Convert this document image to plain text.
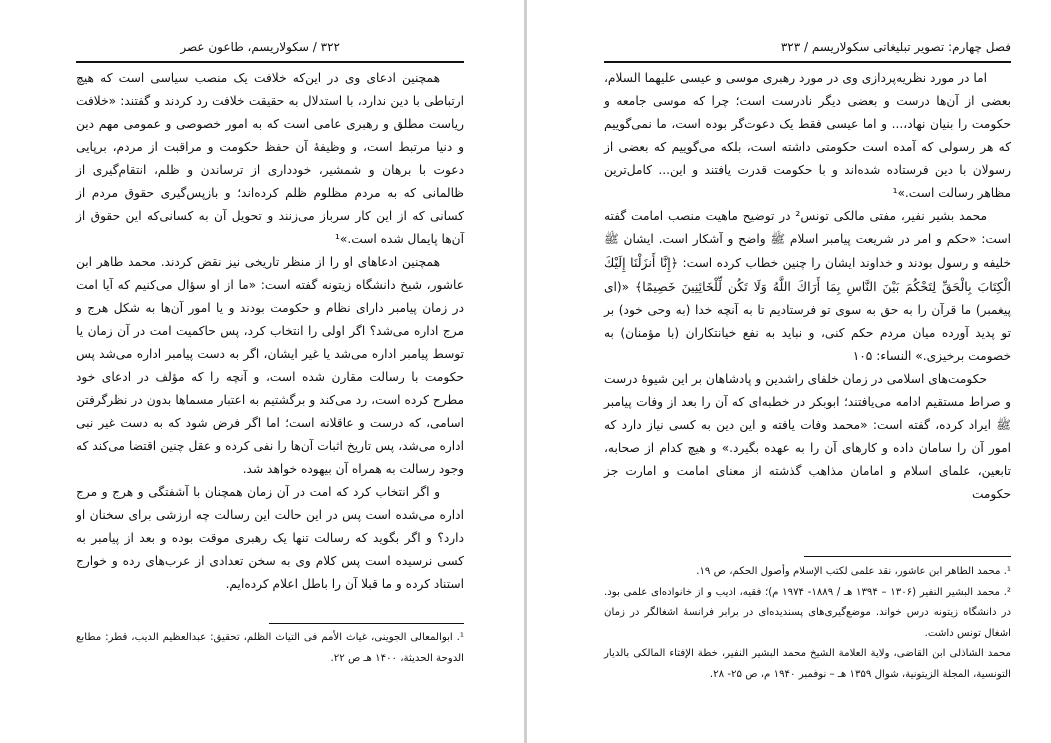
۳۲۲ / سکولاریسم، طاعون عصر

همچنین ادعای وی در این‌که خلافت یک منصب سیاسی است که هیچ ارتباطی با دین ندارد، با استدلال به حقیقت خلافت رد کردند و گفتند: «خلافت ریاست مطلق و رهبری عامی است که به امور خصوصی و عمومی مهم دین و دنیا مرتبط است، و وظیفهٔ آن حفظ حکومت و مراقبت از مردم، برپایی دعوت با برهان و شمشیر، خودداری از ترساندن و ظلم، انتقام‌گیری از ظالمانی که به مردم مظلوم ظلم کرده‌اند؛ و بازپس‌گیری حقوق مردم از کسانی که از این کار سرباز می‌زنند و تحویل آن به کسانی‌که این حقوق از آن‌ها پایمال شده است.»¹

همچنین ادعاهای او را از منظر تاریخی نیز نقض کردند. محمد طاهر ابن عاشور، شیخ دانشگاه زیتونه گفته است: «ما از او سؤال می‌کنیم که آیا امت در زمان پیامبر دارای نظام و حکومت بودند و یا امور آن‌ها به شکل هرج و مرج اداره می‌شد؟ اگر اولی را انتخاب کرد، پس حاکمیت امت در آن زمان یا توسط پیامبر اداره می‌شد یا غیر ایشان، اگر به دست پیامبر اداره می‌شد پس حکومت با رسالت مقارن شده است، و آنچه را که مؤلف در ادعای خود مطرح کرده است، رد می‌کند و برگشتیم به اعتبار مسماها بدون در نظرگرفتن اسامی، که درست و عاقلانه است؛ اما اگر فرض شود که به دست غیر نبی اداره می‌شد، پس تاریخ اثبات آن‌ها را نفی کرده و عقل چنین اقتضا می‌کند که وجود رسالت به همراه آن بیهوده خواهد شد.

و اگر انتخاب کرد که امت در آن زمان همچنان با آشفتگی و هرج و مرج اداره می‌شده است پس در این حالت این رسالت چه ارزشی برای سخنان او دارد؟ و اگر بگوید که رسالت تنها یک رهبری موقت بوده و بعد از پیامبر به کسی نرسیده است پس کلام وی به سخن تعدادی از عرب‌های رده و خوارج استناد کرده و ما قبلا آن را باطل اعلام کرده‌ایم.

¹. ابوالمعالی الجوینی، غیاث الأمم فی التیاث الظلم، تحقیق: عبدالعظیم الدیب، قطر: مطابع الدوحة الحدیثة، ۱۴۰۰ هـ ص ۲۲.

فصل چهارم: تصویر تبلیغاتی سکولاریسم / ۳۲۳

اما در مورد نظریه‌پردازی وی در مورد رهبری موسی و عیسی علیهما السلام، بعضی از آن‌ها درست و بعضی دیگر نادرست است؛ چرا که موسی جامعه و حکومت را بنیان نهاد،... و اما عیسی فقط یک دعوت‌گر بوده است، ما نمی‌گوییم که هر رسولی که آمده است حکومتی داشته است، بلکه می‌گوییم که بعضی از رسولان با دین فرستاده شده‌اند و با حکومت قدرت یافتند و این... کامل‌ترین مظاهر رسالت است.»¹

محمد بشیر نفیر، مفتی مالکی تونس² در توضیح ماهیت منصب امامت گفته است: «حکم و امر در شریعت پیامبر اسلام ﷺ واضح و آشکار است. ایشان ﷺ خلیفه و رسول بودند و خداوند ایشان را چنین خطاب کرده است: ﴿إِنَّا أَنزَلْنَا إِلَيْكَ الْكِتَابَ بِالْحَقِّ لِتَحْكُمَ بَيْنَ النَّاسِ بِمَا أَرَاكَ اللَّهُ وَلَا تَكُن لِّلْخَائِنِينَ خَصِيمًا﴾ «(ای پیغمبر) ما قرآن را به حق به سوی تو فرستادیم تا به آنچه خدا (به وحی خود) بر تو پدید آورده میان مردم حکم کنی، و نباید به نفع خیانتکاران (با مؤمنان) به خصومت برخیزی.» النساء: ۱۰۵

حکومت‌های اسلامی در زمان خلفای راشدین و پادشاهان بر این شیوهٔ درست و صراط مستقیم ادامه می‌یافتند؛ ابوبکر در خطبه‌ای که آن را بعد از وفات پیامبر ﷺ ایراد کرده، گفته است: «محمد وفات یافته و این دین به کسی نیاز دارد که امور آن را سامان داده و کارهای آن را به عهده بگیرد.» و هیچ کدام از صحابه، تابعین، علمای اسلام و امامان مذاهب گذشته از معنای امامت و امارت جز حکومت

¹. محمد الطاهر ابن عاشور، نقد علمی لکتب الإسلام وأصول الحکم، ص ۱۹.

². محمد البشیر النفیر (۱۳۰۶ – ۱۳۹۴ هـ / ۱۸۸۹- ۱۹۷۴ م)؛ فقیه، ادیب و از خانواده‌ای علمی بود. در دانشگاه زیتونه درس خواند. موضع‌گیری‌های پسندیده‌ای در برابر فرانسهٔ اشغالگر در زمان اشغال تونس داشت.

محمد الشاذلی ابن القاضی، ولایة العلامة الشیخ محمد البشیر النفیر، خطة الإفتاء المالکی بالدیار التونسیة، المجلة الزیتونیة، شوال ۱۳۵۹ هـ – نوفمبر ۱۹۴۰ م، ص ۲۵- ۲۸.
